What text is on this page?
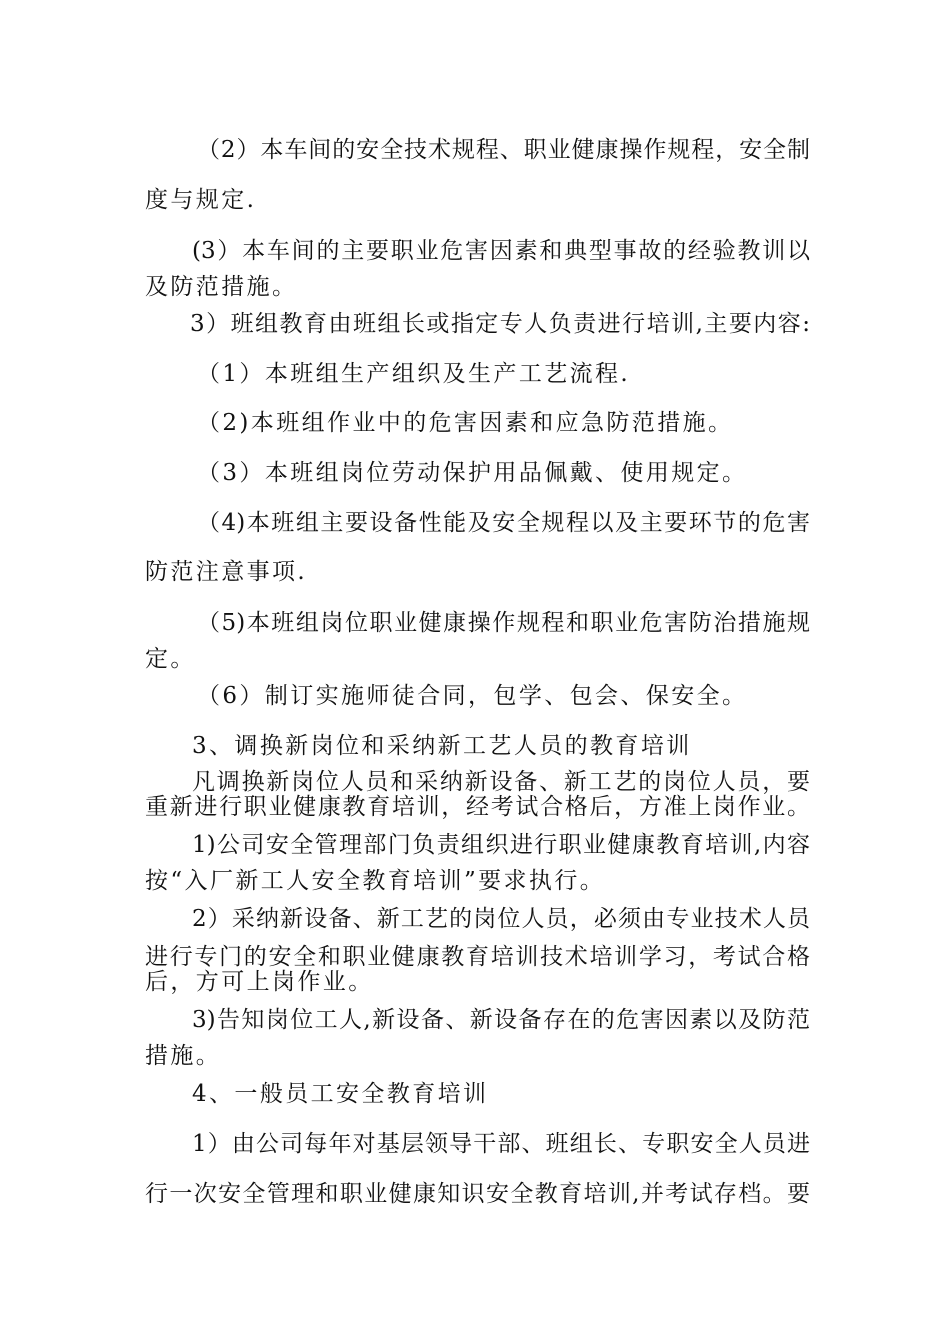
（2）本车间的安全技术规程、职业健康操作规程，安全制
度与规定.
(3）本车间的主要职业危害因素和典型事故的经验教训以
及防范措施。
3）班组教育由班组长或指定专人负责进行培训,主要内容:
（1）本班组生产组织及生产工艺流程.
（2)本班组作业中的危害因素和应急防范措施。
（3）本班组岗位劳动保护用品佩戴、使用规定。
（4)本班组主要设备性能及安全规程以及主要环节的危害
防范注意事项.
（5)本班组岗位职业健康操作规程和职业危害防治措施规
定。
（6）制订实施师徒合同，包学、包会、保安全。
3、调换新岗位和采纳新工艺人员的教育培训
凡调换新岗位人员和采纳新设备、新工艺的岗位人员，要
重新进行职业健康教育培训，经考试合格后，方准上岗作业。
1)公司安全管理部门负责组织进行职业健康教育培训,内容
按“入厂新工人安全教育培训”要求执行。
2）采纳新设备、新工艺的岗位人员，必须由专业技术人员
进行专门的安全和职业健康教育培训技术培训学习，考试合格
后，方可上岗作业。
3)告知岗位工人,新设备、新设备存在的危害因素以及防范
措施。
4、一般员工安全教育培训
1）由公司每年对基层领导干部、班组长、专职安全人员进
行一次安全管理和职业健康知识安全教育培训,并考试存档。要
